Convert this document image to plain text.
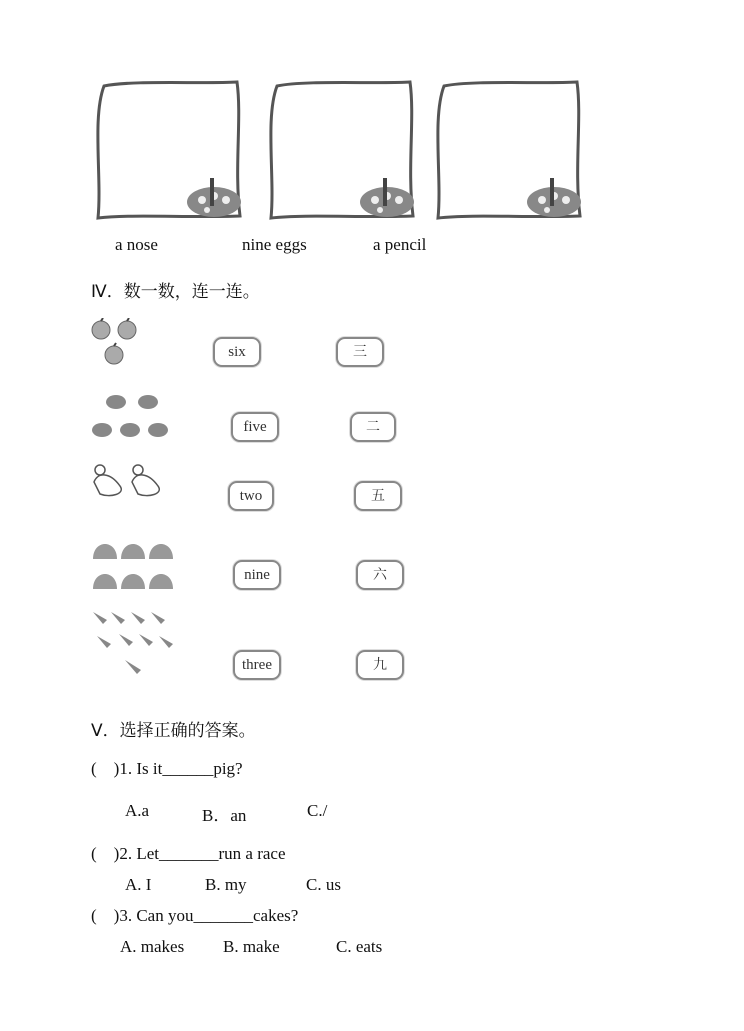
a nose	nine eggs	a pencil
Ⅳ．数一数，连一连。
six	三
five	二
two	五
nine	六
three	九
Ⅴ．选择正确的答案。
( )1. Is it______pig?
A.a	B．an	C./
( )2. Let_______run a race
A. I	B. my	C. us
( )3. Can you_______cakes?
A. makes B. make	C. eats
